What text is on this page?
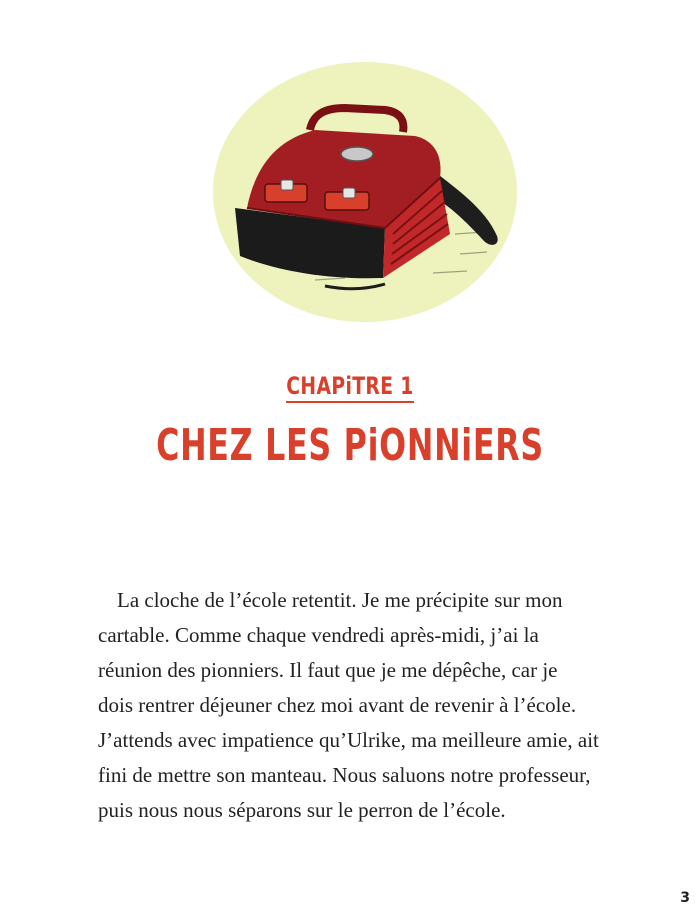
CHAPiTRE 1
CHEZ LES PiONNiERS
La cloche de l’école retentit. Je me précipite sur mon
cartable. Comme chaque vendredi après-midi, j’ai la
réunion des pionniers. Il faut que je me dépêche, car je
dois rentrer déjeuner chez moi avant de revenir à l’école.
J’attends avec impatience qu’Ulrike, ma meilleure amie, ait
fini de mettre son manteau. Nous saluons notre professeur,
puis nous nous séparons sur le perron de l’école.
3
